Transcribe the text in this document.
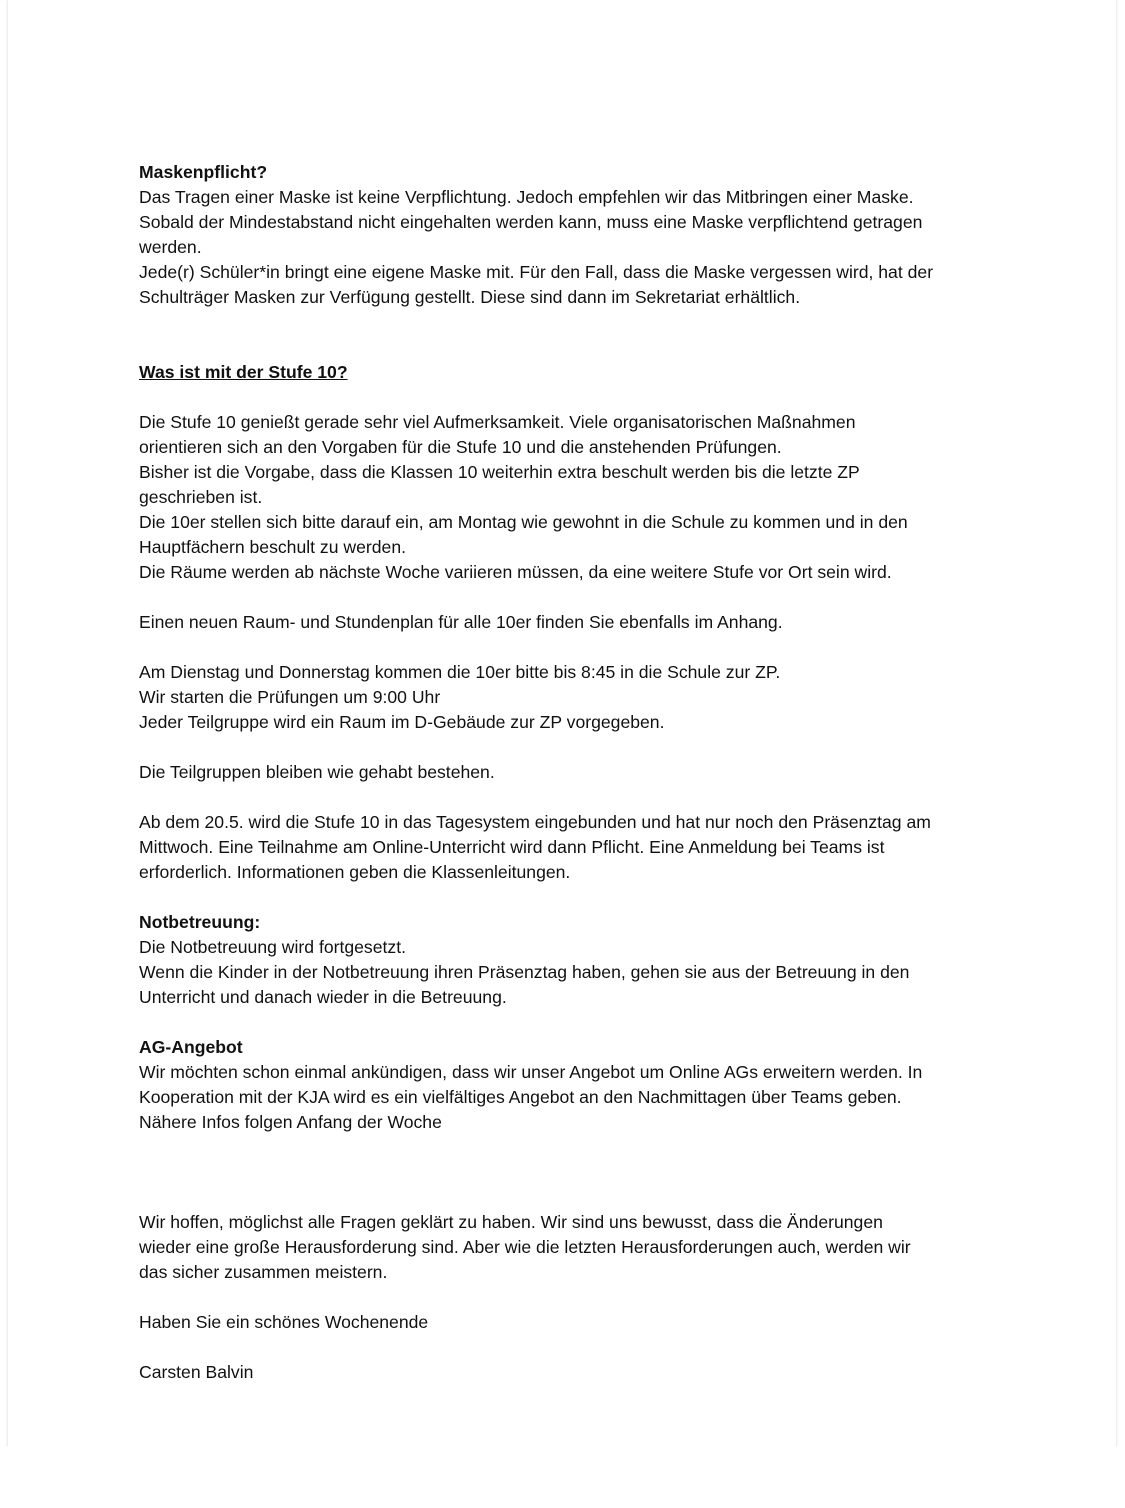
Maskenpflicht?
Das Tragen einer Maske ist keine Verpflichtung. Jedoch empfehlen wir das Mitbringen einer Maske.
Sobald der Mindestabstand nicht eingehalten werden kann, muss eine Maske verpflichtend getragen
werden.
Jede(r) Schüler*in bringt eine eigene Maske mit. Für den Fall, dass die Maske vergessen wird, hat der
Schulträger Masken zur Verfügung gestellt. Diese sind dann im Sekretariat erhältlich.
Was ist mit der Stufe 10?
Die Stufe 10 genießt gerade sehr viel Aufmerksamkeit. Viele organisatorischen Maßnahmen
orientieren sich an den Vorgaben für die Stufe 10 und die anstehenden Prüfungen.
Bisher ist die Vorgabe, dass die Klassen 10 weiterhin extra beschult werden bis die letzte ZP
geschrieben ist.
Die 10er stellen sich bitte darauf ein, am Montag wie gewohnt in die Schule zu kommen und in den
Hauptfächern beschult zu werden.
Die Räume werden ab nächste Woche variieren müssen, da eine weitere Stufe vor Ort sein wird.
Einen neuen Raum- und Stundenplan für alle 10er finden Sie ebenfalls im Anhang.
Am Dienstag und Donnerstag kommen die 10er bitte bis 8:45 in die Schule zur ZP.
Wir starten die Prüfungen um 9:00 Uhr
Jeder Teilgruppe wird ein Raum im D-Gebäude zur ZP vorgegeben.
Die Teilgruppen bleiben wie gehabt bestehen.
Ab dem 20.5. wird die Stufe 10 in das Tagesystem eingebunden und hat nur noch den Präsenztag am
Mittwoch. Eine Teilnahme am Online-Unterricht wird dann Pflicht. Eine Anmeldung bei Teams ist
erforderlich. Informationen geben die Klassenleitungen.
Notbetreuung:
Die Notbetreuung wird fortgesetzt.
Wenn die Kinder in der Notbetreuung ihren Präsenztag haben, gehen sie aus der Betreuung in den
Unterricht und danach wieder in die Betreuung.
AG-Angebot
Wir möchten schon einmal ankündigen, dass wir unser Angebot um Online AGs erweitern werden. In
Kooperation mit der KJA wird es ein vielfältiges Angebot an den Nachmittagen über Teams geben.
Nähere Infos folgen Anfang der Woche
Wir hoffen, möglichst alle Fragen geklärt zu haben. Wir sind uns bewusst, dass die Änderungen
wieder eine große Herausforderung sind. Aber wie die letzten Herausforderungen auch, werden wir
das sicher zusammen meistern.
Haben Sie ein schönes Wochenende
Carsten Balvin
